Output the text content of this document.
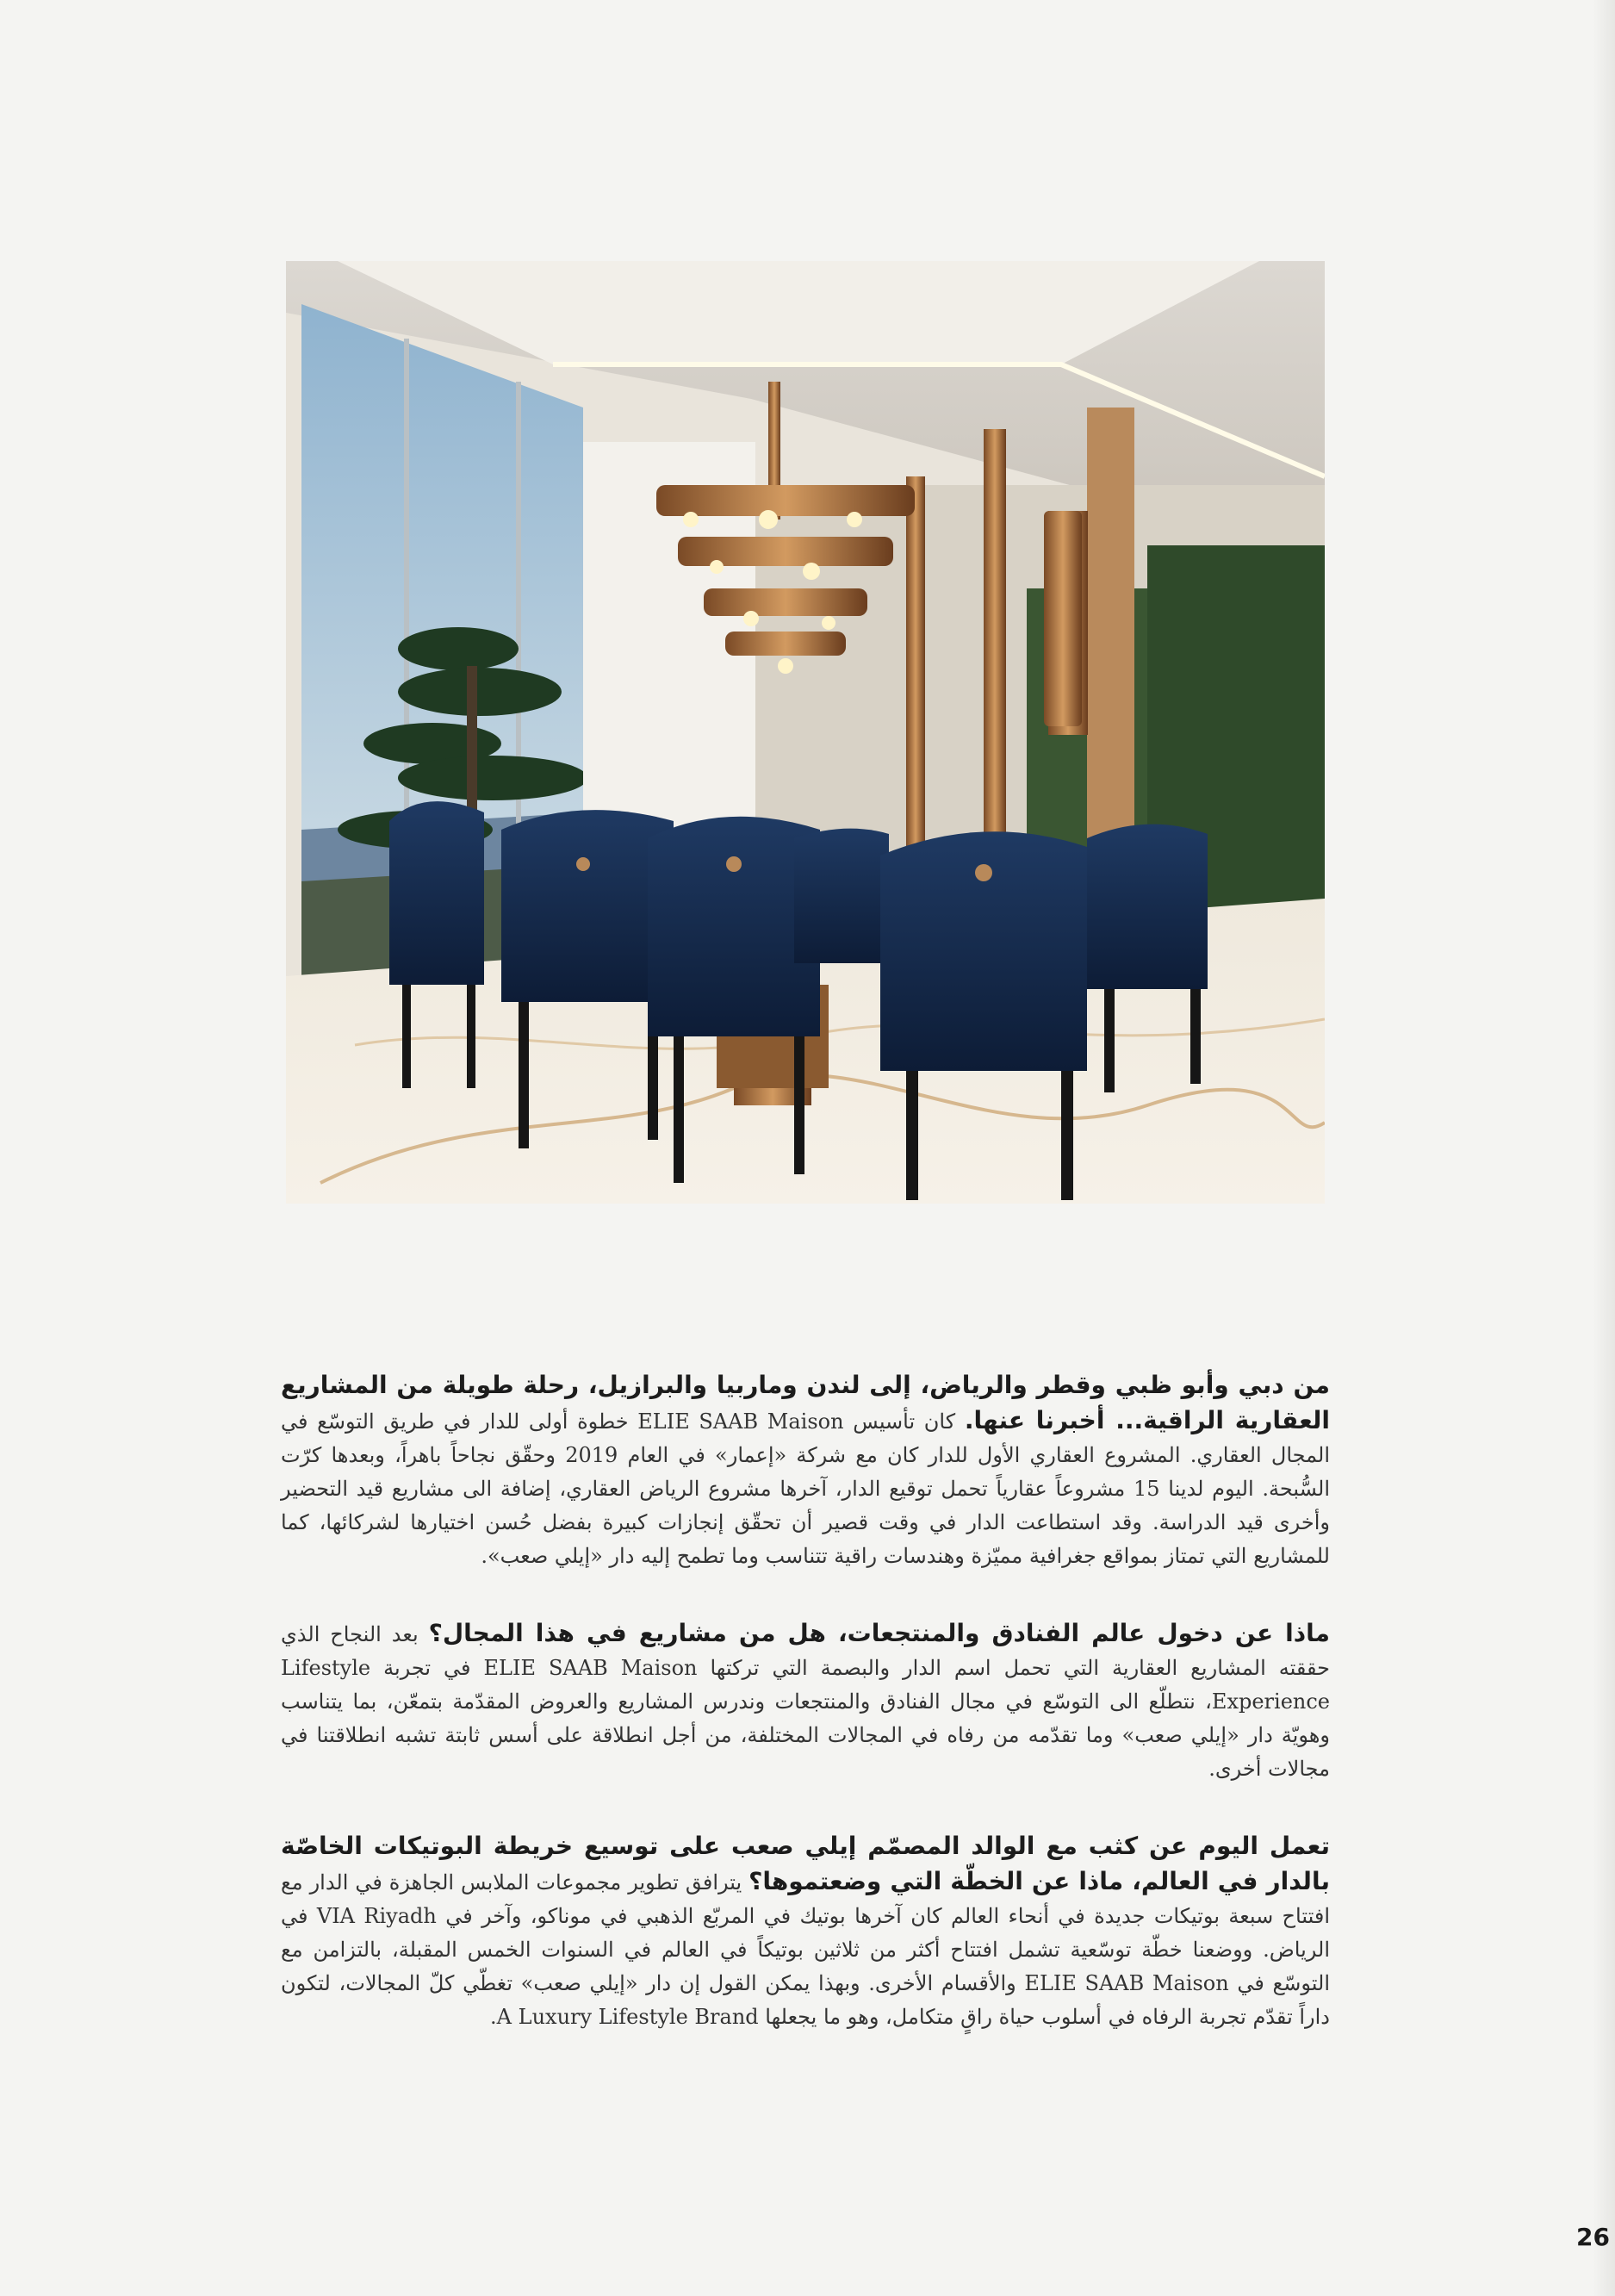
من دبي وأبو ظبي وقطر والرياض، إلى لندن وماربيا والبرازيل، رحلة طويلة من المشاريع العقارية الراقية... أخبرنا عنها. كان تأسيس ELIE SAAB Maison خطوة أولى للدار في طريق التوسّع في المجال العقاري. المشروع العقاري الأول للدار كان مع شركة «إعمار» في العام 2019 وحقّق نجاحاً باهراً، وبعدها كرّت السُّبحة. اليوم لدينا 15 مشروعاً عقارياً تحمل توقيع الدار، آخرها مشروع الرياض العقاري، إضافة الى مشاريع قيد التحضير وأخرى قيد الدراسة. وقد استطاعت الدار في وقت قصير أن تحقّق إنجازات كبيرة بفضل حُسن اختيارها لشركائها، كما للمشاريع التي تمتاز بمواقع جغرافية مميّزة وهندسات راقية تتناسب وما تطمح إليه دار «إيلي صعب».

ماذا عن دخول عالم الفنادق والمنتجعات، هل من مشاريع في هذا المجال؟ بعد النجاح الذي حققته المشاريع العقارية التي تحمل اسم الدار والبصمة التي تركتها ELIE SAAB Maison في تجربة Lifestyle Experience، نتطلّع الى التوسّع في مجال الفنادق والمنتجعات وندرس المشاريع والعروض المقدّمة بتمعّن، بما يتناسب وهويّة دار «إيلي صعب» وما تقدّمه من رفاه في المجالات المختلفة، من أجل انطلاقة على أسس ثابتة تشبه انطلاقتنا في مجالات أخرى.

تعمل اليوم عن كثب مع الوالد المصمّم إيلي صعب على توسيع خريطة البوتيكات الخاصّة بالدار في العالم، ماذا عن الخطّة التي وضعتموها؟ يترافق تطوير مجموعات الملابس الجاهزة في الدار مع افتتاح سبعة بوتيكات جديدة في أنحاء العالم كان آخرها بوتيك في المربّع الذهبي في موناكو، وآخر في VIA Riyadh في الرياض. ووضعنا خطّة توسّعية تشمل افتتاح أكثر من ثلاثين بوتيكاً في العالم في السنوات الخمس المقبلة، بالتزامن مع التوسّع في ELIE SAAB Maison والأقسام الأخرى. وبهذا يمكن القول إن دار «إيلي صعب» تغطّي كلّ المجالات، لتكون داراً تقدّم تجربة الرفاه في أسلوب حياة راقٍ متكامل، وهو ما يجعلها A Luxury Lifestyle Brand.

26
